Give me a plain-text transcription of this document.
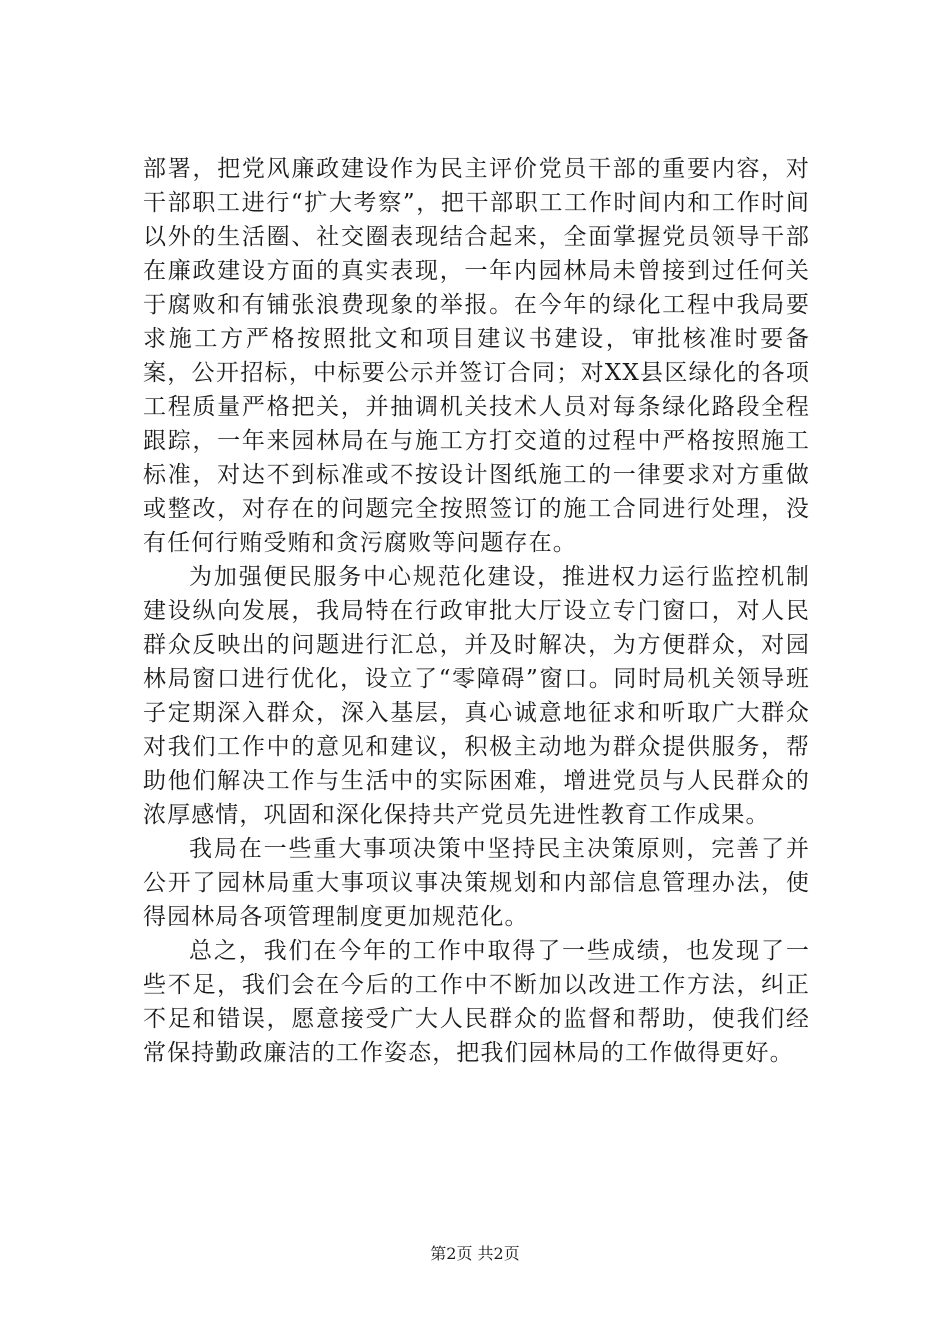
部署，把党风廉政建设作为民主评价党员干部的重要内容，对干部职工进行“扩大考察”，把干部职工工作时间内和工作时间以外的生活圈、社交圈表现结合起来，全面掌握党员领导干部在廉政建设方面的真实表现，一年内园林局未曾接到过任何关于腐败和有铺张浪费现象的举报。在今年的绿化工程中我局要求施工方严格按照批文和项目建议书建设，审批核准时要备案，公开招标，中标要公示并签订合同；对XX县区绿化的各项工程质量严格把关，并抽调机关技术人员对每条绿化路段全程跟踪，一年来园林局在与施工方打交道的过程中严格按照施工标准，对达不到标准或不按设计图纸施工的一律要求对方重做或整改，对存在的问题完全按照签订的施工合同进行处理，没有任何行贿受贿和贪污腐败等问题存在。

为加强便民服务中心规范化建设，推进权力运行监控机制建设纵向发展，我局特在行政审批大厅设立专门窗口，对人民群众反映出的问题进行汇总，并及时解决，为方便群众，对园林局窗口进行优化，设立了“零障碍”窗口。同时局机关领导班子定期深入群众，深入基层，真心诚意地征求和听取广大群众对我们工作中的意见和建议，积极主动地为群众提供服务，帮助他们解决工作与生活中的实际困难，增进党员与人民群众的浓厚感情，巩固和深化保持共产党员先进性教育工作成果。

我局在一些重大事项决策中坚持民主决策原则，完善了并公开了园林局重大事项议事决策规划和内部信息管理办法，使得园林局各项管理制度更加规范化。

总之，我们在今年的工作中取得了一些成绩，也发现了一些不足，我们会在今后的工作中不断加以改进工作方法，纠正不足和错误，愿意接受广大人民群众的监督和帮助，使我们经常保持勤政廉洁的工作姿态，把我们园林局的工作做得更好。

第2页 共2页
